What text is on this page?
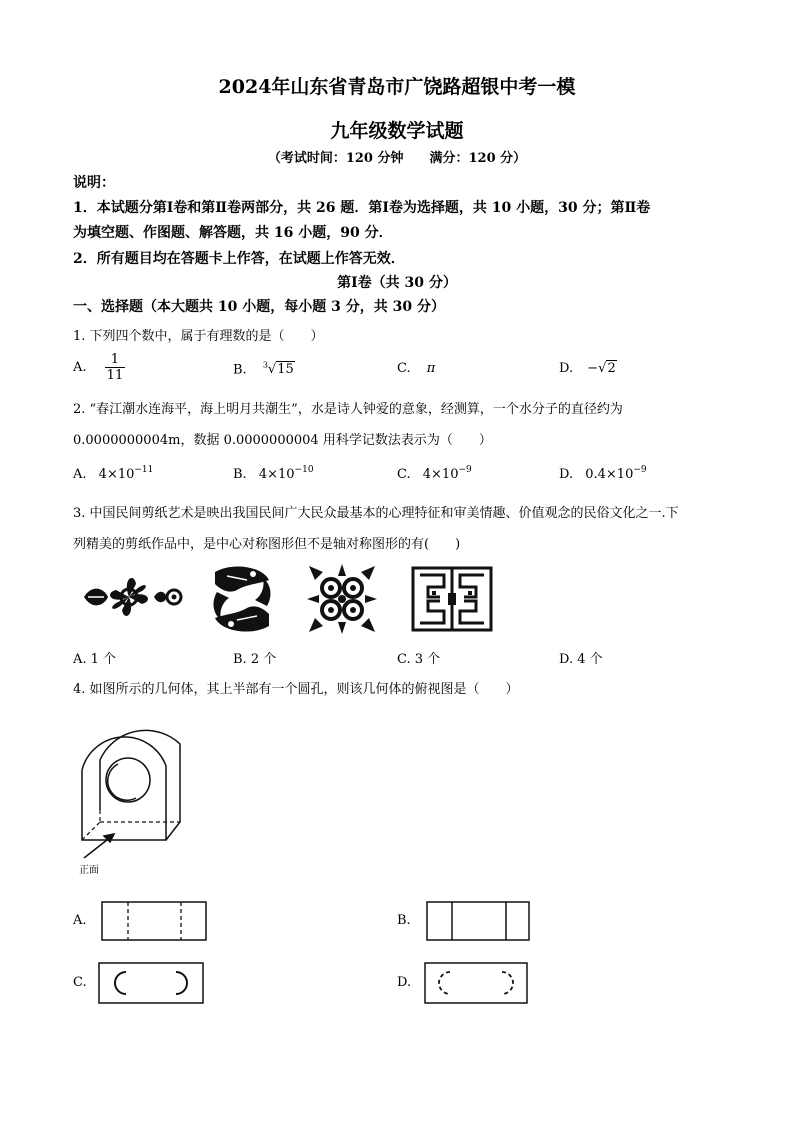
2024年山东省青岛市广饶路超银中考一模
九年级数学试题
（考试时间：120 分钟　　满分：120 分）
说明：
1．本试题分第Ⅰ卷和第Ⅱ卷两部分，共 26 题．第Ⅰ卷为选择题，共 10 小题，30 分；第Ⅱ卷
为填空题、作图题、解答题，共 16 小题，90 分．
2．所有题目均在答题卡上作答，在试题上作答无效．
第Ⅰ卷（共 30 分）
一、选择题（本大题共 10 小题，每小题 3 分，共 30 分）
1. 下列四个数中，属于有理数的是（　　）
A. $\frac{1}{11}$	B. $^3$√15	C. π	D. −√2
2. “春江潮水连海平，海上明月共潮生”，水是诗人钟爱的意象，经测算，一个水分子的直径约为
0.0000000004m，数据 0.0000000004 用科学记数法表示为（　　）
A. $4\times 10^{-11}$	B. $4\times 10^{-10}$	C. $4\times 10^{-9}$	D. $0.4\times 10^{-9}$
3. 中国民间剪纸艺术是映出我国民间广大民众最基本的心理特征和审美情趣、价值观念的民俗文化之一.下
列精美的剪纸作品中，是中心对称图形但不是轴对称图形的有(　　)
A. 1 个	B. 2 个	C. 3 个	D. 4 个
4. 如图所示的几何体，其上半部有一个圆孔，则该几何体的俯视图是（　　）
正面
A.	B.
C.	D.
